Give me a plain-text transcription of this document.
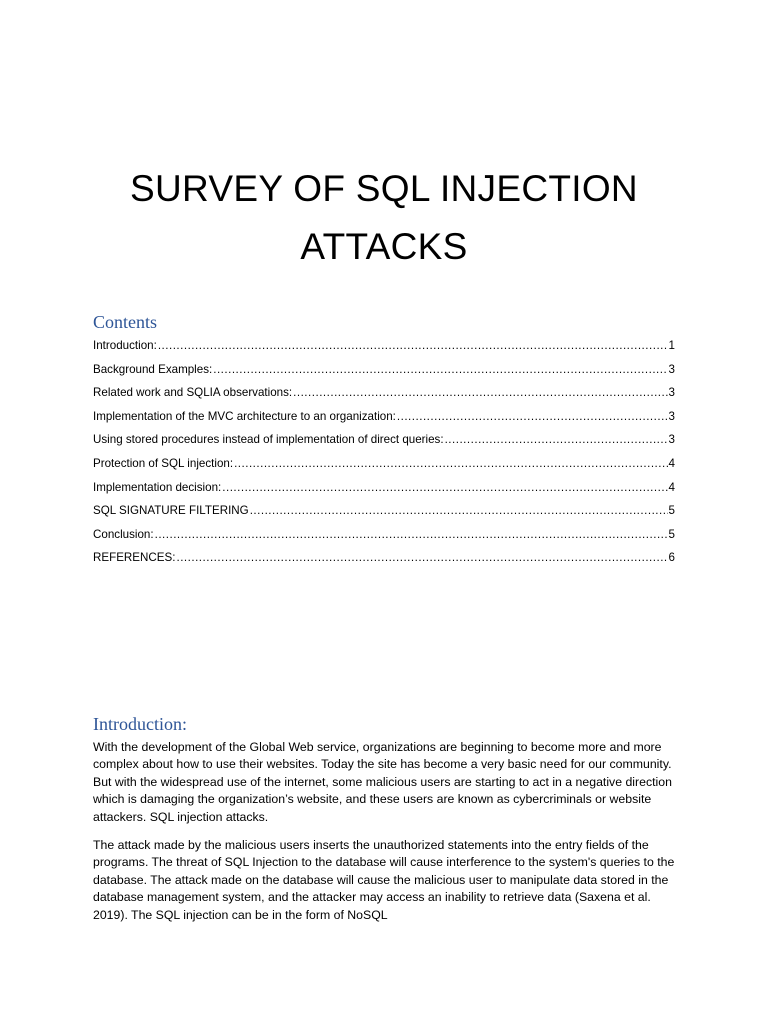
SURVEY OF SQL INJECTION
ATTACKS
Contents
Introduction: .....	1
Background Examples: .....	3
Related work and SQLIA observations: .....	3
Implementation of the MVC architecture to an organization: .....	3
Using stored procedures instead of implementation of direct queries: .....	3
Protection of SQL injection: .....	4
Implementation decision: .....	4
SQL SIGNATURE FILTERING .....	5
Conclusion: .....	5
REFERENCES: .....	6
Introduction:
With the development of the Global Web service, organizations are beginning to become more and more complex about how to use their websites. Today the site has become a very basic need for our community. But with the widespread use of the internet, some malicious users are starting to act in a negative direction which is damaging the organization’s website, and these users are known as cybercriminals or website attackers. SQL injection attacks.
The attack made by the malicious users inserts the unauthorized statements into the entry fields of the programs. The threat of SQL Injection to the database will cause interference to the system's queries to the database. The attack made on the database will cause the malicious user to manipulate data stored in the database management system, and the attacker may access an inability to retrieve data (Saxena et al. 2019). The SQL injection can be in the form of NoSQL
